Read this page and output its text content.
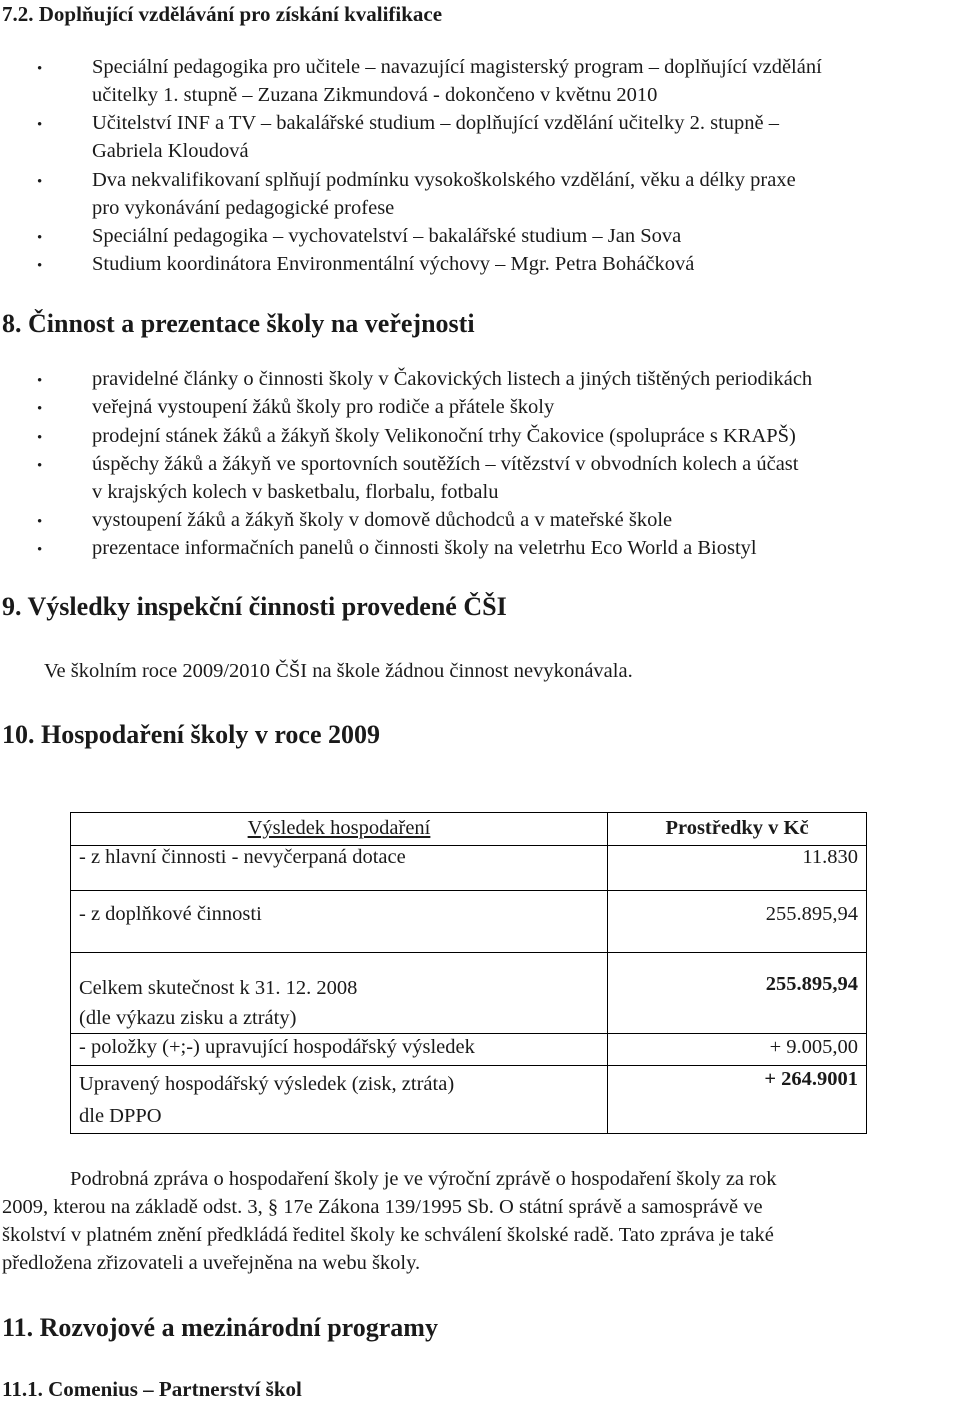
7.2. Doplňující vzdělávání pro získání kvalifikace
• Speciální pedagogika pro učitele – navazující magisterský program – doplňující vzdělání
učitelky 1. stupně – Zuzana Zikmundová - dokončeno v květnu 2010
• Učitelství INF a TV – bakalářské studium – doplňující vzdělání učitelky 2. stupně –
Gabriela Kloudová
• Dva nekvalifikovaní splňují podmínku vysokoškolského vzdělání, věku a délky praxe
pro vykonávání pedagogické profese
• Speciální pedagogika – vychovatelství – bakalářské studium – Jan Sova
• Studium koordinátora Environmentální výchovy – Mgr. Petra Boháčková
8. Činnost a prezentace školy na veřejnosti
• pravidelné články o činnosti školy v Čakovických listech a jiných tištěných periodikách
• veřejná vystoupení žáků školy pro rodiče a přátele školy
• prodejní stánek žáků a žákyň školy Velikonoční trhy Čakovice (spolupráce s KRAPŠ)
• úspěchy žáků a žákyň ve sportovních soutěžích – vítězství v obvodních kolech a účast
v krajských kolech v basketbalu, florbalu, fotbalu
• vystoupení žáků a žákyň školy v domově důchodců a v mateřské škole
• prezentace informačních panelů o činnosti školy na veletrhu Eco World a Biostyl
9. Výsledky inspekční činnosti provedené ČŠI
Ve školním roce 2009/2010 ČŠI na škole žádnou činnost nevykonávala.
10. Hospodaření školy v roce 2009
Výsledek hospodaření	Prostředky v Kč
- z hlavní činnosti - nevyčerpaná dotace	11.830
- z doplňkové činnosti	255.895,94

Celkem skutečnost k 31. 12. 2008
(dle výkazu zisku a ztráty)	255.895,94
- položky (+;-) upravující hospodářský výsledek	+ 9.005,00

Upravený hospodářský výsledek (zisk, ztráta)
dle DPPO	+ 264.9001
Podrobná zpráva o hospodaření školy je ve výroční zprávě o hospodaření školy za rok
2009, kterou na základě odst. 3, § 17e Zákona 139/1995 Sb. O státní správě a samosprávě ve
školství v platném znění předkládá ředitel školy ke schválení školské radě. Tato zpráva je také
předložena zřizovateli a uveřejněna na webu školy.
11. Rozvojové a mezinárodní programy
11.1. Comenius – Partnerství škol
